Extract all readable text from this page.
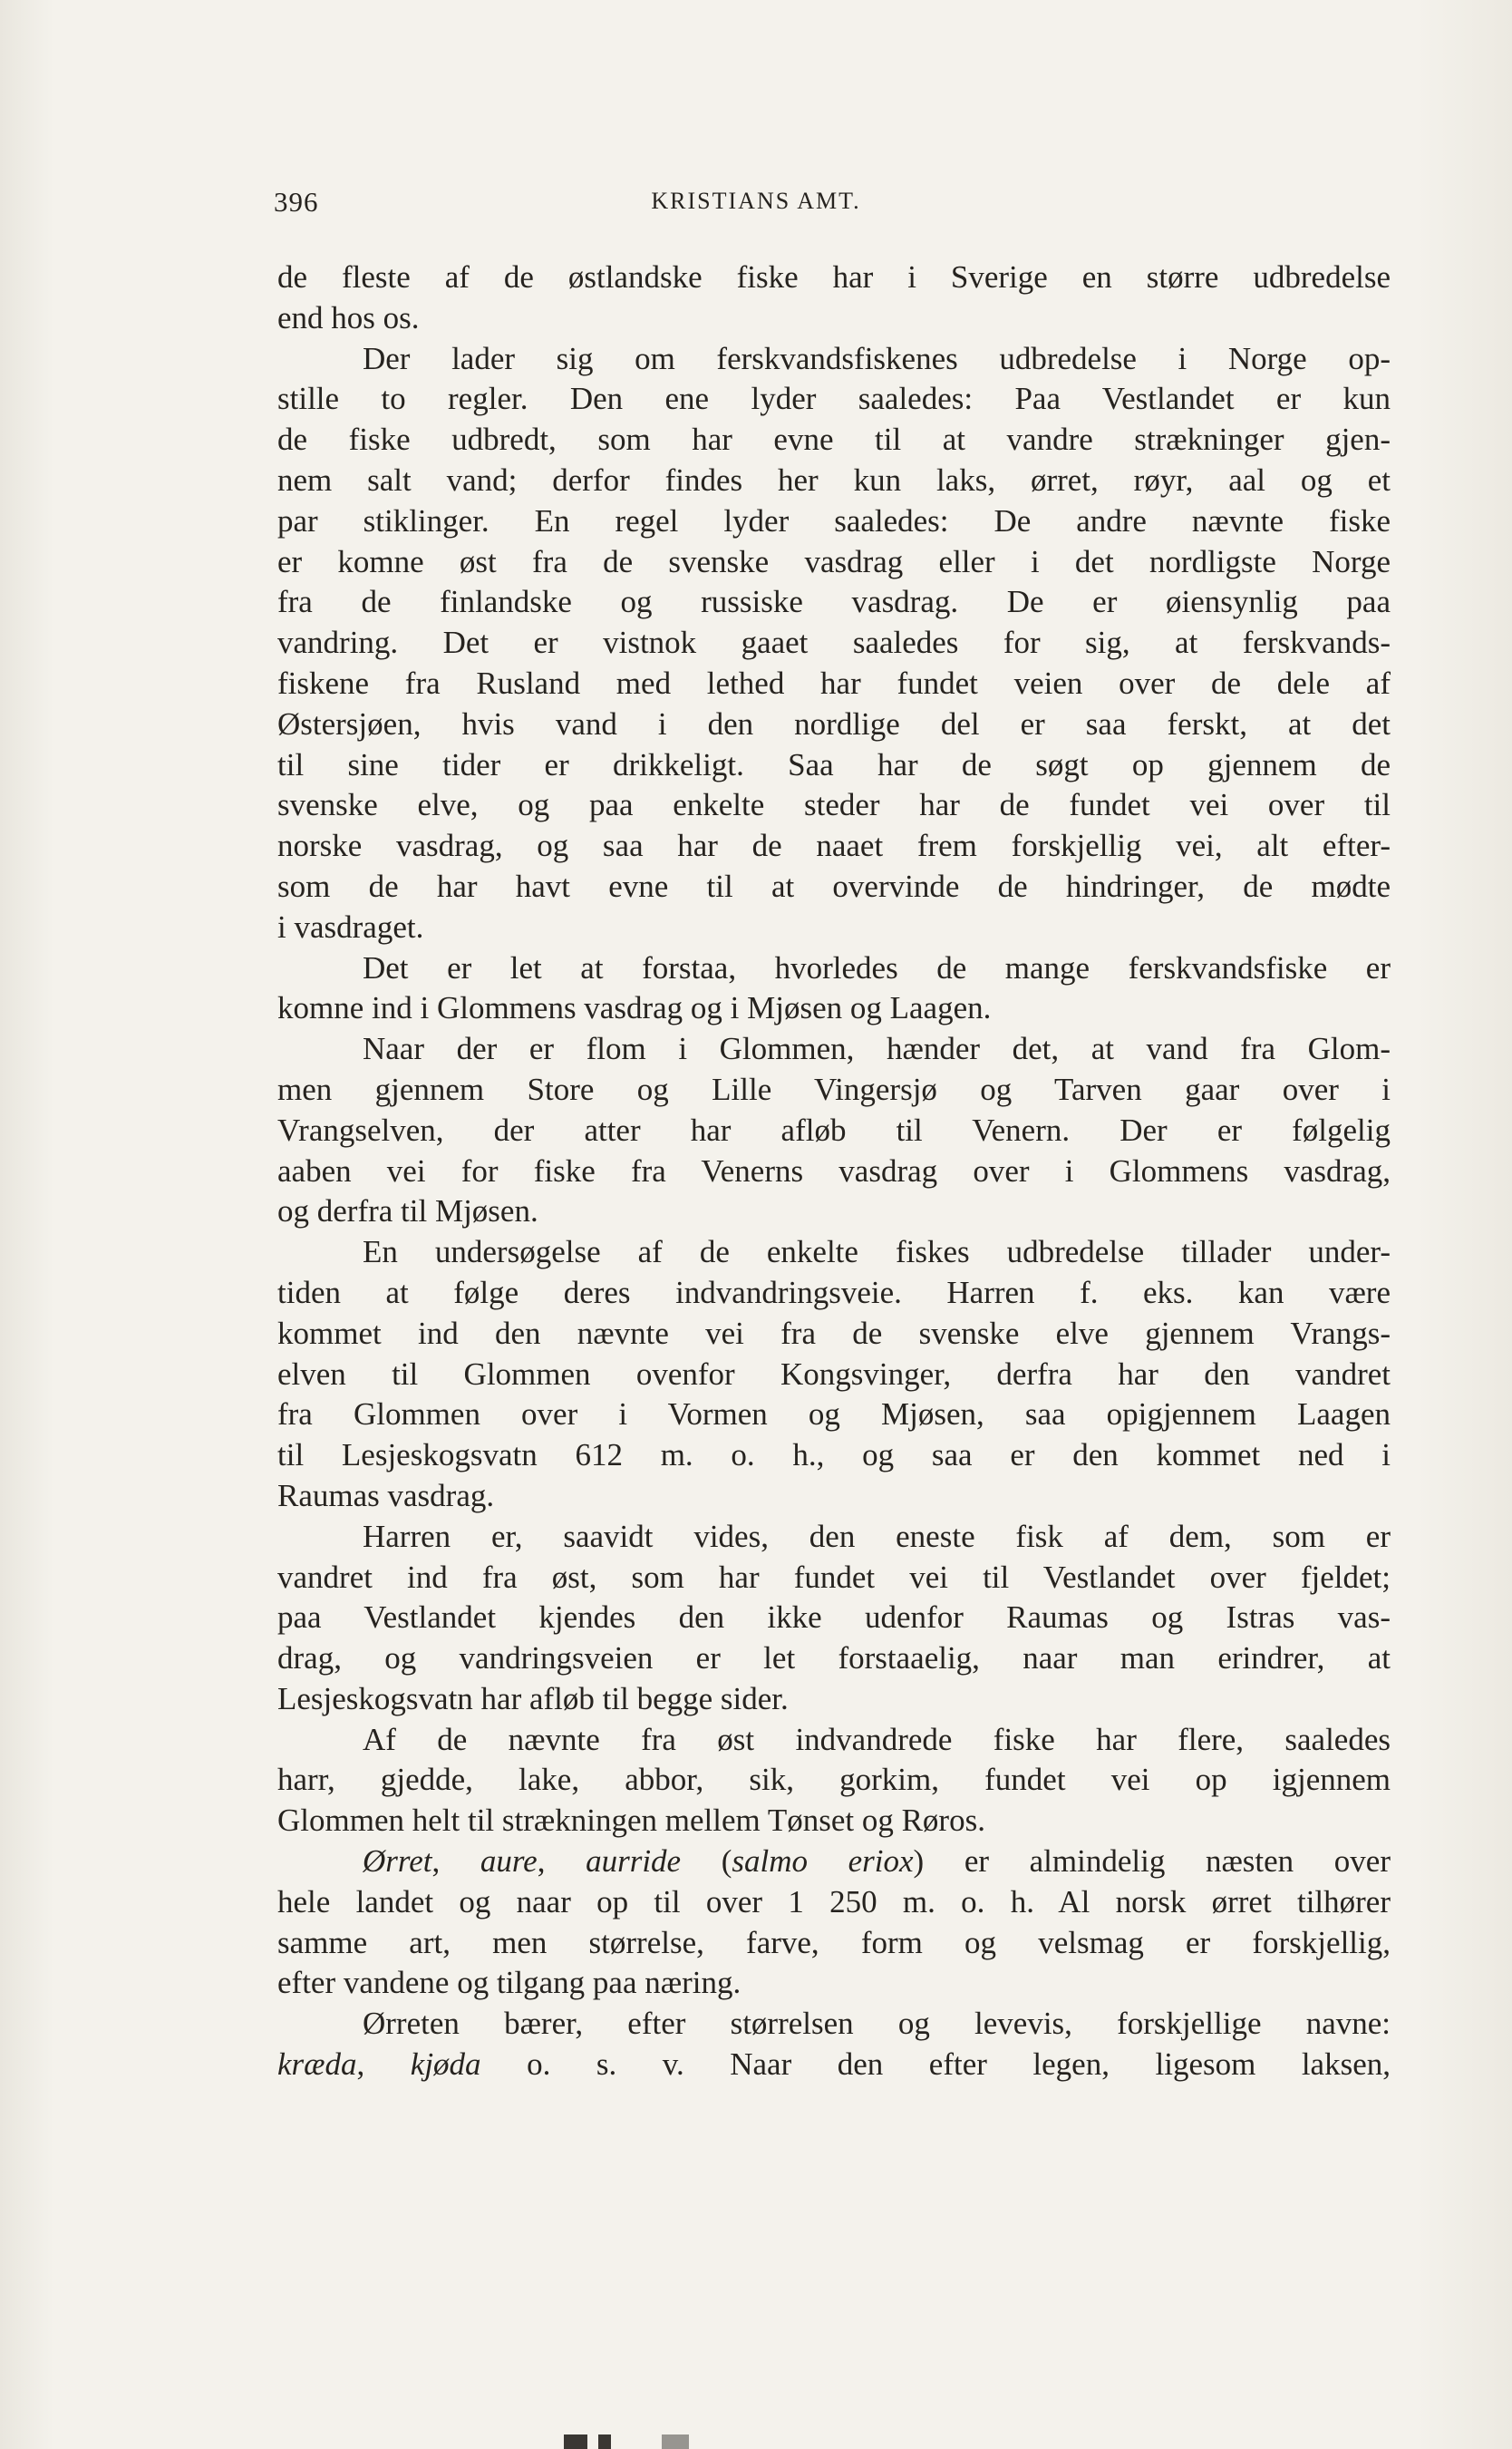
396	KRISTIANS AMT.
de fleste af de østlandske fiske har i Sverige en større udbredelse
end hos os.
Der lader sig om ferskvandsfiskenes udbredelse i Norge op-
stille to regler. Den ene lyder saaledes: Paa Vestlandet er kun
de fiske udbredt, som har evne til at vandre strækninger gjen-
nem salt vand; derfor findes her kun laks, ørret, røyr, aal og et
par stiklinger. En regel lyder saaledes: De andre nævnte fiske
er komne øst fra de svenske vasdrag eller i det nordligste Norge
fra de finlandske og russiske vasdrag. De er øiensynlig paa
vandring. Det er vistnok gaaet saaledes for sig, at ferskvands-
fiskene fra Rusland med lethed har fundet veien over de dele af
Østersjøen, hvis vand i den nordlige del er saa ferskt, at det
til sine tider er drikkeligt. Saa har de søgt op gjennem de
svenske elve, og paa enkelte steder har de fundet vei over til
norske vasdrag, og saa har de naaet frem forskjellig vei, alt efter-
som de har havt evne til at overvinde de hindringer, de mødte
i vasdraget.
Det er let at forstaa, hvorledes de mange ferskvandsfiske er
komne ind i Glommens vasdrag og i Mjøsen og Laagen.
Naar der er flom i Glommen, hænder det, at vand fra Glom-
men gjennem Store og Lille Vingersjø og Tarven gaar over i
Vrangselven, der atter har afløb til Venern. Der er følgelig
aaben vei for fiske fra Venerns vasdrag over i Glommens vasdrag,
og derfra til Mjøsen.
En undersøgelse af de enkelte fiskes udbredelse tillader under-
tiden at følge deres indvandringsveie. Harren f. eks. kan være
kommet ind den nævnte vei fra de svenske elve gjennem Vrangs-
elven til Glommen ovenfor Kongsvinger, derfra har den vandret
fra Glommen over i Vormen og Mjøsen, saa opigjennem Laagen
til Lesjeskogsvatn 612 m. o. h., og saa er den kommet ned i
Raumas vasdrag.
Harren er, saavidt vides, den eneste fisk af dem, som er
vandret ind fra øst, som har fundet vei til Vestlandet over fjeldet;
paa Vestlandet kjendes den ikke udenfor Raumas og Istras vas-
drag, og vandringsveien er let forstaaelig, naar man erindrer, at
Lesjeskogsvatn har afløb til begge sider.
Af de nævnte fra øst indvandrede fiske har flere, saaledes
harr, gjedde, lake, abbor, sik, gorkim, fundet vei op igjennem
Glommen helt til strækningen mellem Tønset og Røros.
Ørret, aure, aurride (salmo eriox) er almindelig næsten over
hele landet og naar op til over 1 250 m. o. h. Al norsk ørret tilhører
samme art, men størrelse, farve, form og velsmag er forskjellig,
efter vandene og tilgang paa næring.
Ørreten bærer, efter størrelsen og levevis, forskjellige navne:
kræda, kjøda o. s. v. Naar den efter legen, ligesom laksen,
